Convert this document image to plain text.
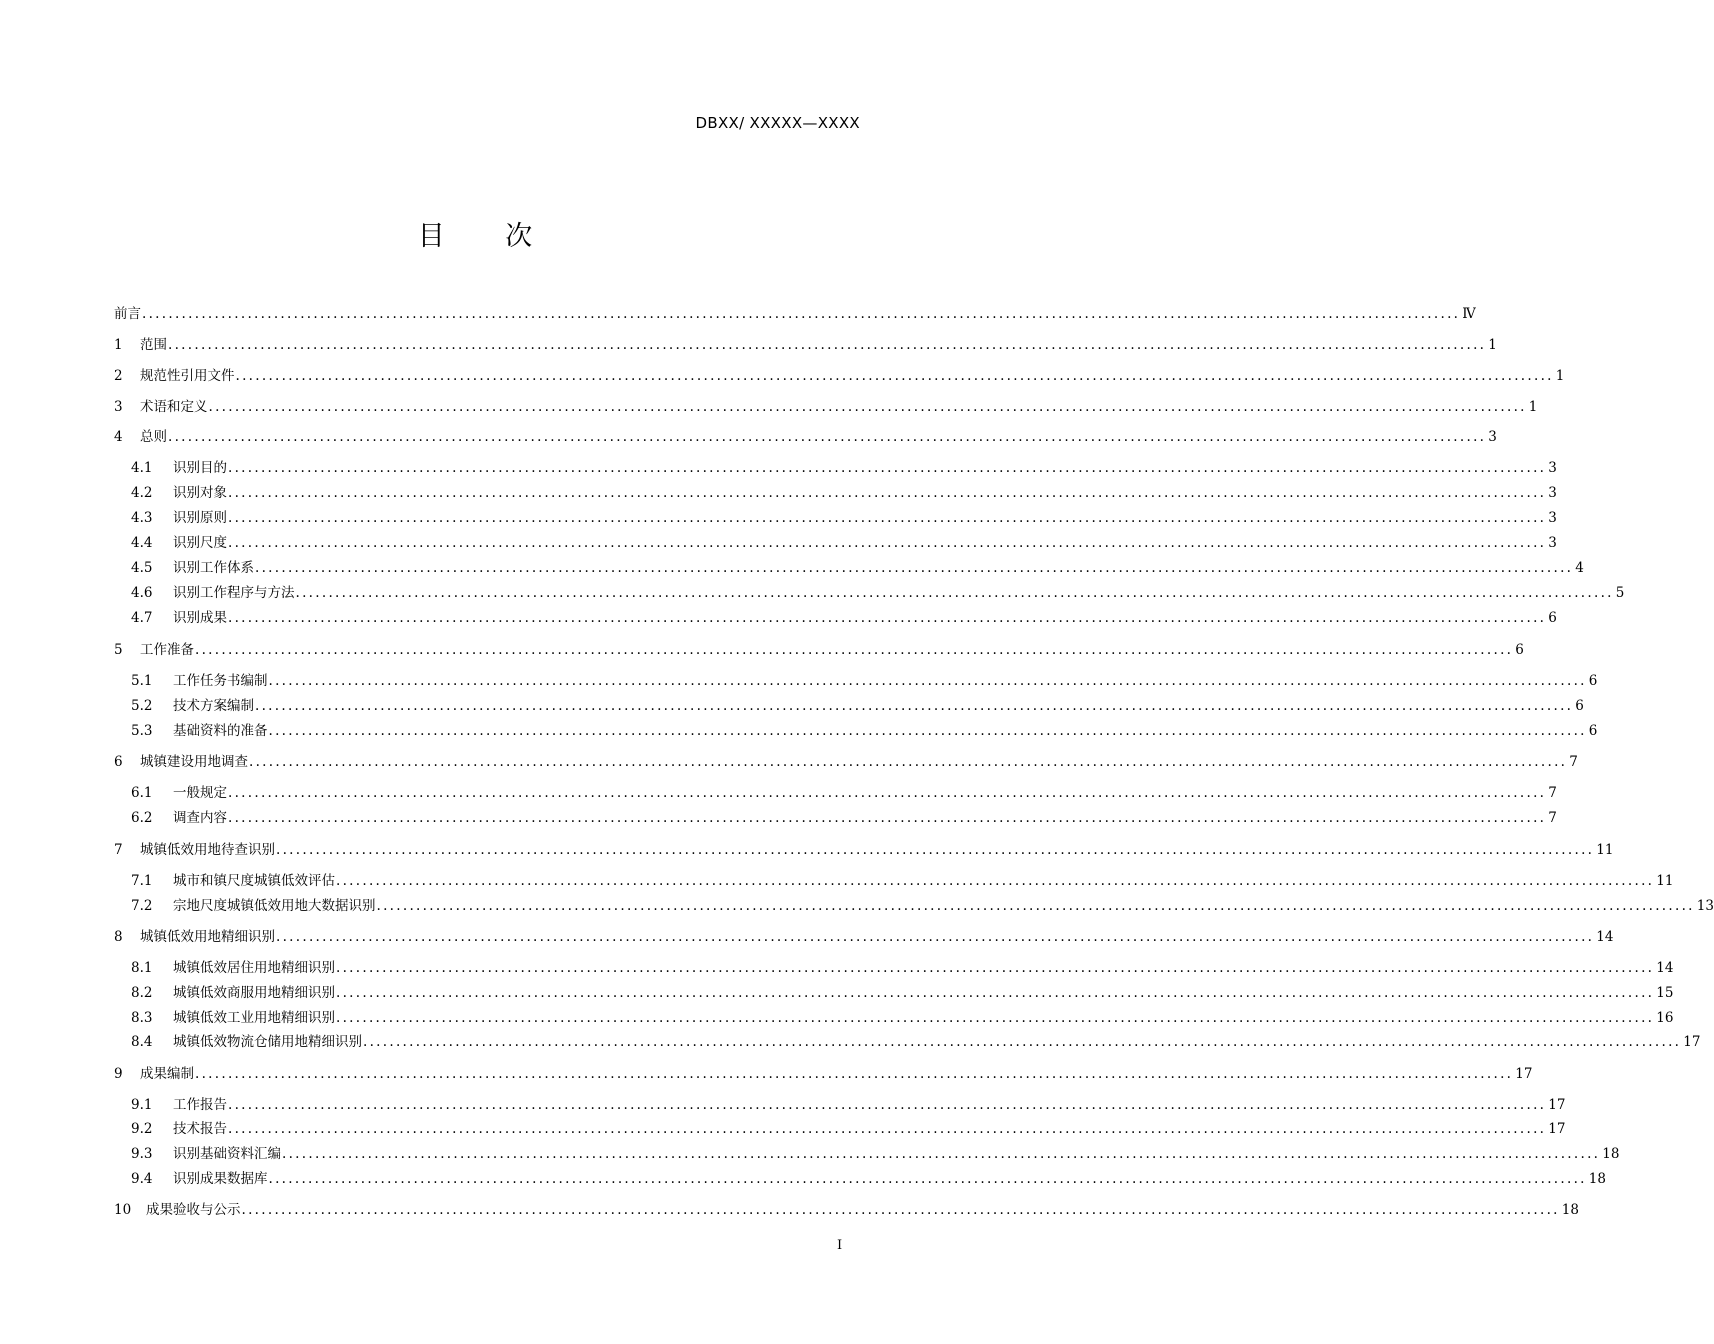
DBXX/ XXXXX—XXXX
目 次
前言 ........................................................................................................................................................................................................ Ⅳ
1	范围 ........................................................................................................................................................................................................ 1
2	规范性引用文件 ........................................................................................................................................................................................................ 1
3	术语和定义 ........................................................................................................................................................................................................ 1
4	总则 ........................................................................................................................................................................................................ 3
4.1	识别目的 ........................................................................................................................................................................................................ 3
4.2	识别对象 ........................................................................................................................................................................................................ 3
4.3	识别原则 ........................................................................................................................................................................................................ 3
4.4	识别尺度 ........................................................................................................................................................................................................ 3
4.5	识别工作体系 ........................................................................................................................................................................................................ 4
4.6	识别工作程序与方法 ........................................................................................................................................................................................................ 5
4.7	识别成果 ........................................................................................................................................................................................................ 6
5	工作准备 ........................................................................................................................................................................................................ 6
5.1	工作任务书编制 ........................................................................................................................................................................................................ 6
5.2	技术方案编制 ........................................................................................................................................................................................................ 6
5.3	基础资料的准备 ........................................................................................................................................................................................................ 6
6	城镇建设用地调查 ........................................................................................................................................................................................................ 7
6.1	一般规定 ........................................................................................................................................................................................................ 7
6.2	调查内容 ........................................................................................................................................................................................................ 7
7	城镇低效用地待查识别 ........................................................................................................................................................................................................ 11
7.1	城市和镇尺度城镇低效评估 ........................................................................................................................................................................................................ 11
7.2	宗地尺度城镇低效用地大数据识别 ........................................................................................................................................................................................................ 13
8	城镇低效用地精细识别 ........................................................................................................................................................................................................ 14
8.1	城镇低效居住用地精细识别 ........................................................................................................................................................................................................ 14
8.2	城镇低效商服用地精细识别 ........................................................................................................................................................................................................ 15
8.3	城镇低效工业用地精细识别 ........................................................................................................................................................................................................ 16
8.4	城镇低效物流仓储用地精细识别 ........................................................................................................................................................................................................ 17
9	成果编制 ........................................................................................................................................................................................................ 17
9.1	工作报告 ........................................................................................................................................................................................................ 17
9.2	技术报告 ........................................................................................................................................................................................................ 17
9.3	识别基础资料汇编 ........................................................................................................................................................................................................ 18
9.4	识别成果数据库 ........................................................................................................................................................................................................ 18
10	成果验收与公示 ........................................................................................................................................................................................................ 18
I
